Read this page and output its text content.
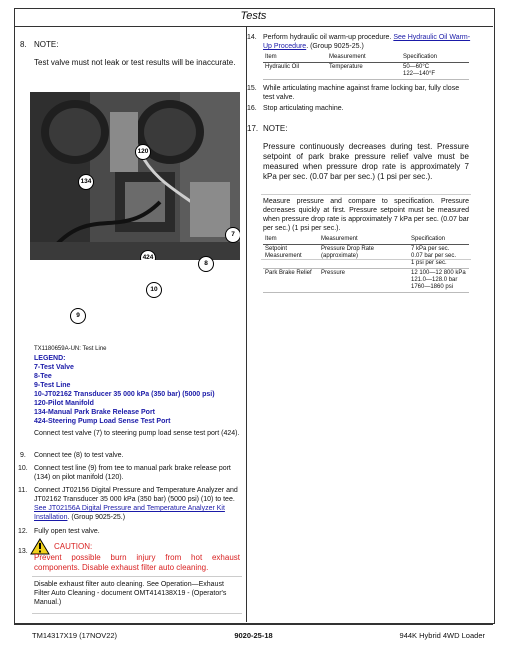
Tests
8. NOTE:
Test valve must not leak or test results will be inaccurate.
120
134
7
424
8
10
9
TX1180659A-UN: Test Line
LEGEND:
7-Test Valve
8-Tee
9-Test Line
10-JT02162 Transducer 35 000 kPa (350 bar) (5000 psi)
120-Pilot Manifold
134-Manual Park Brake Release Port
424-Steering Pump Load Sense Test Port
Connect test valve (7) to steering pump load sense test port (424).
9. Connect tee (8) to test valve.
10. Connect test line (9) from tee to manual park brake release port (134) on pilot manifold (120).
11. Connect JT02156 Digital Pressure and Temperature Analyzer and JT02162 Transducer 35 000 kPa (350 bar) (5000 psi) (10) to tee. See JT02156A Digital Pressure and Temperature Analyzer Kit Installation. (Group 9025-25.)
12. Fully open test valve.
13.
CAUTION:
Prevent possible burn injury from hot exhaust components. Disable exhaust filter auto cleaning.
Disable exhaust filter auto cleaning. See Operation—Exhaust Filter Auto Cleaning - document OMT414138X19 - (Operator's Manual.)
14. Perform hydraulic oil warm-up procedure. See Hydraulic Oil Warm-Up Procedure. (Group 9025-25.)
Item	Measurement	Specification
Hydraulic Oil	Temperature	50—60°C
122—140°F
15. While articulating machine against frame locking bar, fully close test valve.
16. Stop articulating machine.
17. NOTE:
Pressure continuously decreases during test. Pressure setpoint of park brake pressure relief valve must be measured when pressure drop rate is approximately 7 kPa per sec. (0.07 bar per sec.) (1 psi per sec.).
Measure pressure and compare to specification. Pressure decreases quickly at first. Pressure setpoint must be measured when pressure drop rate is approximately 7 kPa per sec. (0.07 bar per sec.) (1 psi per sec.).
Item	Measurement	Specification
Setpoint Measurement	Pressure Drop Rate (approximate)	7 kPa per sec.
0.07 bar per sec.
1 psi per sec.
Park Brake Relief	Pressure	12 100—12 800 kPa
121.0—128.0 bar
1760—1860 psi
TM14317X19 (17NOV22)	9020-25-18	944K Hybrid 4WD Loader
